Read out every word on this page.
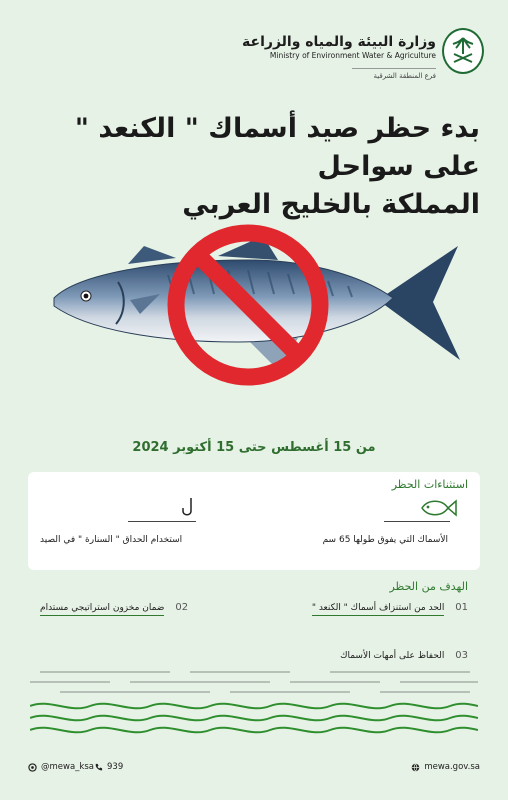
وزارة البيئة والمياه والزراعة
Ministry of Environment Water & Agriculture
فرع المنطقة الشرقية
بدء حظر صيد أسماك " الكنعد " على سواحل
المملكة بالخليج العربي
من 15 أغسطس حتى 15 أكتوبر 2024
استثناءات الحظر
الأسماك التي يفوق طولها 65 سم
استخدام الحداق " السنارة " في الصيد
الهدف من الحظر
01 الحد من استنزاف أسماك " الكنعد "
02 ضمان مخزون استراتيجي مستدام
03 الحفاظ على أمهات الأسماك
@mewa_ksa 939	mewa.gov.sa
